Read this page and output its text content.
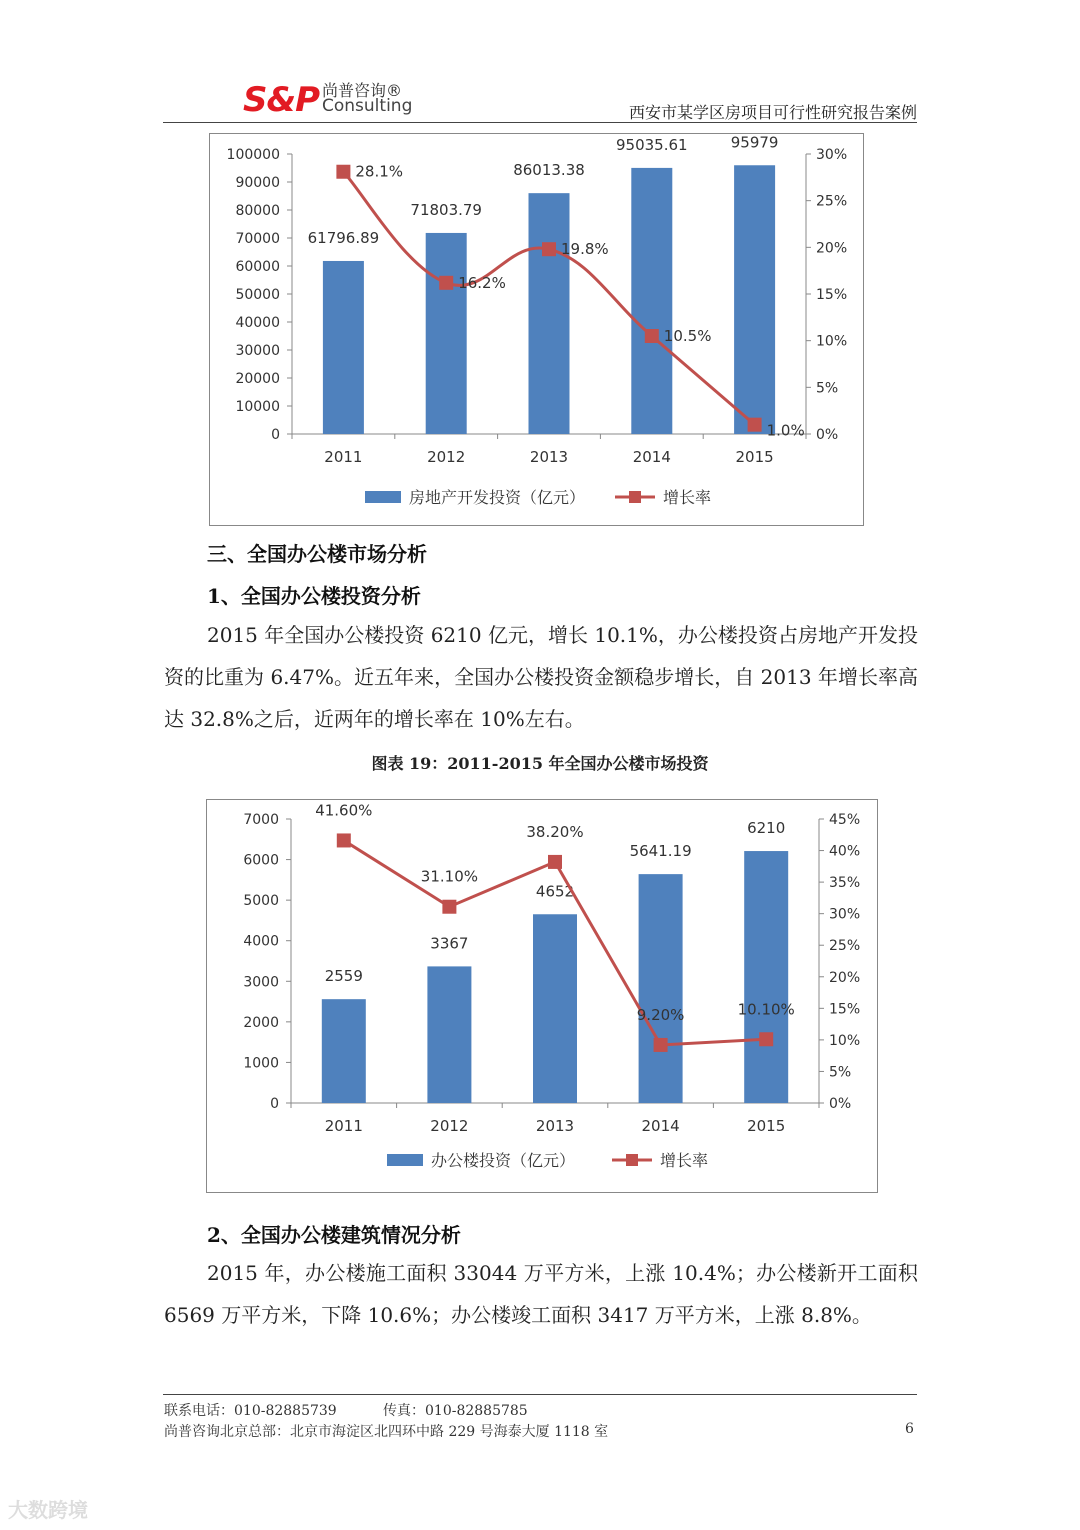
S&P 尚普咨询®
Consulting	西安市某学区房项目可行性研究报告案例
0
10000
20000
30000
40000
50000
60000
70000
80000
90000
100000
0%
5%
10%
15%
20%
25%
30%
2011	2012	2013	2014	2015
61796.89
71803.79
86013.38
95035.61	95979
28.1%
16.2%
19.8%
10.5%
1.0%
房地产开发投资（亿元）	增长率
三、全国办公楼市场分析
1、全国办公楼投资分析
2015 年全国办公楼投资 6210 亿元，增长 10.1%，办公楼投资占房地产开发投资的比重为 6.47%。近五年来，全国办公楼投资金额稳步增长，自 2013 年增长率高达 32.8%之后，近两年的增长率在 10%左右。
图表 19：2011-2015 年全国办公楼市场投资
0
1000
2000
3000
4000
5000
6000
7000
0%
5%
10%
15%
20%
25%
30%
35%
40%
45%
2011	2012	2013	2014	2015
2559
3367
4652
5641.19
6210
41.60%
31.10%
38.20%
9.20%	10.10%
办公楼投资（亿元）	增长率
2、全国办公楼建筑情况分析
2015 年，办公楼施工面积 33044 万平方米，上涨 10.4%；办公楼新开工面积 6569 万平方米，下降 10.6%；办公楼竣工面积 3417 万平方米，上涨 8.8%。
联系电话：010-82885739	传真：010-82885785
尚普咨询北京总部：北京市海淀区北四环中路 229 号海泰大厦 1118 室	6
大数跨境
